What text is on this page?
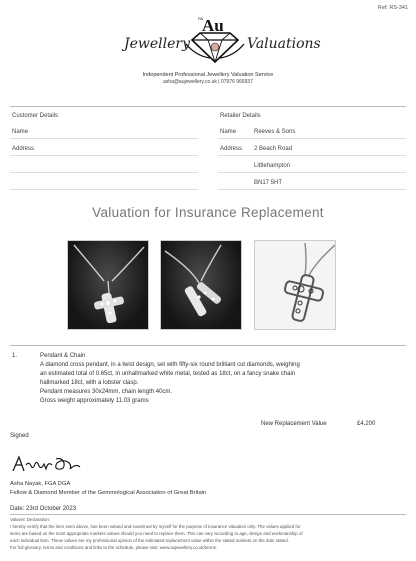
Ref: RS-341
Jewellery
PA
Au
Valuations
Independent Professional Jewellery Valuation Service
asha@aujewellery.co.uk | 07976 966937
Customer Details
Name
Address
Retailer Details
Name	Reeves & Sons
Address 2 Beach Road
Littlehampton
BN17 5HT
Valuation for Insurance Replacement
1.	Pendant & Chain
A diamond cross pendant, in a twist design, set with fifty-six round brilliant cut diamonds, weighing
an estimated total of 0.65ct, in unhallmarked white metal, tested as 18ct, on a fancy snake chain
hallmarked 18ct, with a lobster clasp.
Pendant measures 30x24mm, chain length 40cm.
Gross weight approximately 11.03 grams
New Replacement Value	£4,200
Signed
Asha Nayak, FGA DGA
Fellow & Diamond Member of the Gemmological Association of Great Britain
Date: 23rd October 2023
Valuers' Declaration:
I hereby certify that the item seen above, has been valued and examined by myself for the purpose of insurance valuation only. The values applied for
items are based on the most appropriate markets values should you need to replace them. This can vary according to age, design and workmanship of
each individual item. These values are my professional opinion of the estimated replacement value within the stated markets on the date stated.
For full glossary, terms and conditions and links to the schedule, please visit: www.aujewellery.co.uk/terms.
